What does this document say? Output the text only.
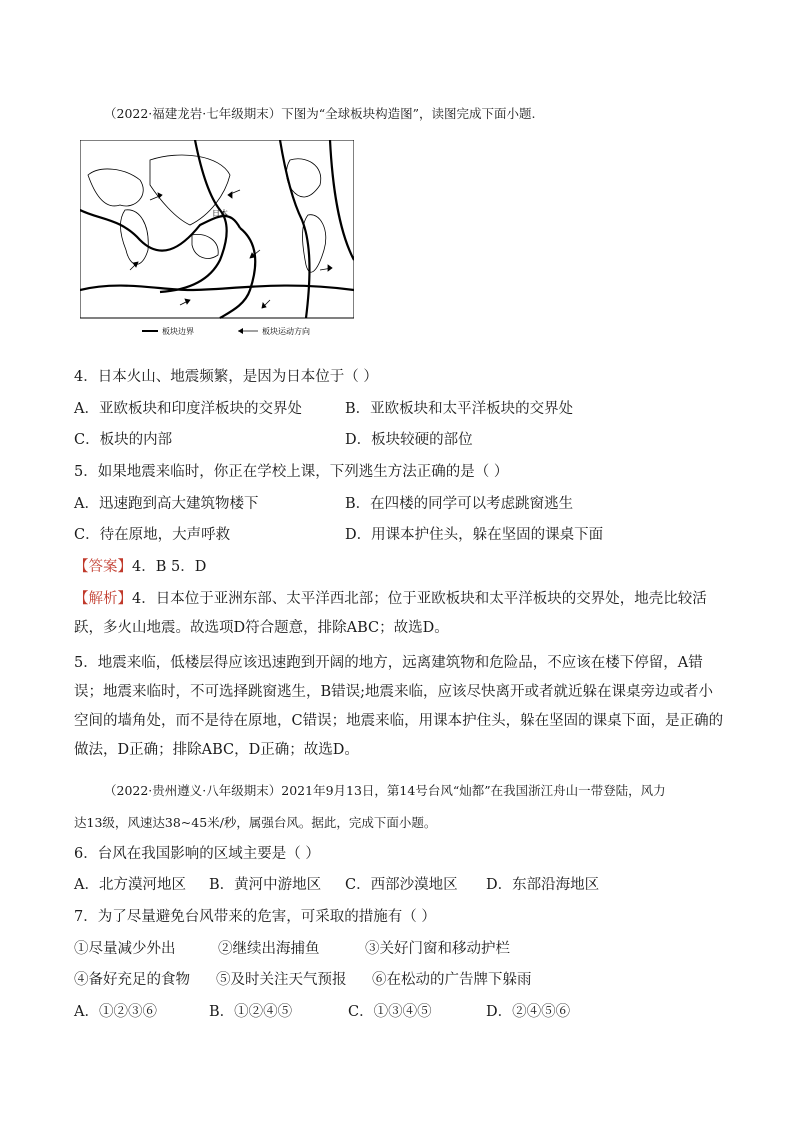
（2022·福建龙岩·七年级期末）下图为“全球板块构造图”，读图完成下面小题.
日本
板块边界	板块运动方向
4．日本火山、地震频繁，是因为日本位于（ ）
A．亚欧板块和印度洋板块的交界处	B．亚欧板块和太平洋板块的交界处
C．板块的内部	D．板块较硬的部位
5．如果地震来临时，你正在学校上课，下列逃生方法正确的是（ ）
A．迅速跑到高大建筑物楼下	B．在四楼的同学可以考虑跳窗逃生
C．待在原地，大声呼救	D．用课本护住头，躲在坚固的课桌下面
【答案】4．B 5．D
【解析】4．日本位于亚洲东部、太平洋西北部；位于亚欧板块和太平洋板块的交界处，地壳比较活跃，多火山地震。故选项D符合题意，排除ABC；故选D。
5．地震来临，低楼层得应该迅速跑到开阔的地方，远离建筑物和危险品，不应该在楼下停留，A错误；地震来临时，不可选择跳窗逃生，B错误;地震来临，应该尽快离开或者就近躲在课桌旁边或者小空间的墙角处，而不是待在原地，C错误；地震来临，用课本护住头，躲在坚固的课桌下面，是正确的做法，D正确；排除ABC，D正确；故选D。
（2022·贵州遵义·八年级期末）2021年9月13日，第14号台风“灿都”在我国浙江舟山一带登陆，风力
达13级，风速达38~45米/秒，属强台风。据此，完成下面小题。
6．台风在我国影响的区域主要是（ ）
A．北方漠河地区 B．黄河中游地区 C．西部沙漠地区 D．东部沿海地区
7．为了尽量避免台风带来的危害，可采取的措施有（ ）
①尽量减少外出	②继续出海捕鱼	③关好门窗和移动护栏
④备好充足的食物 ⑤及时关注天气预报 ⑥在松动的广告牌下躲雨
A．①②③⑥	B．①②④⑤	C．①③④⑤	D．②④⑤⑥
